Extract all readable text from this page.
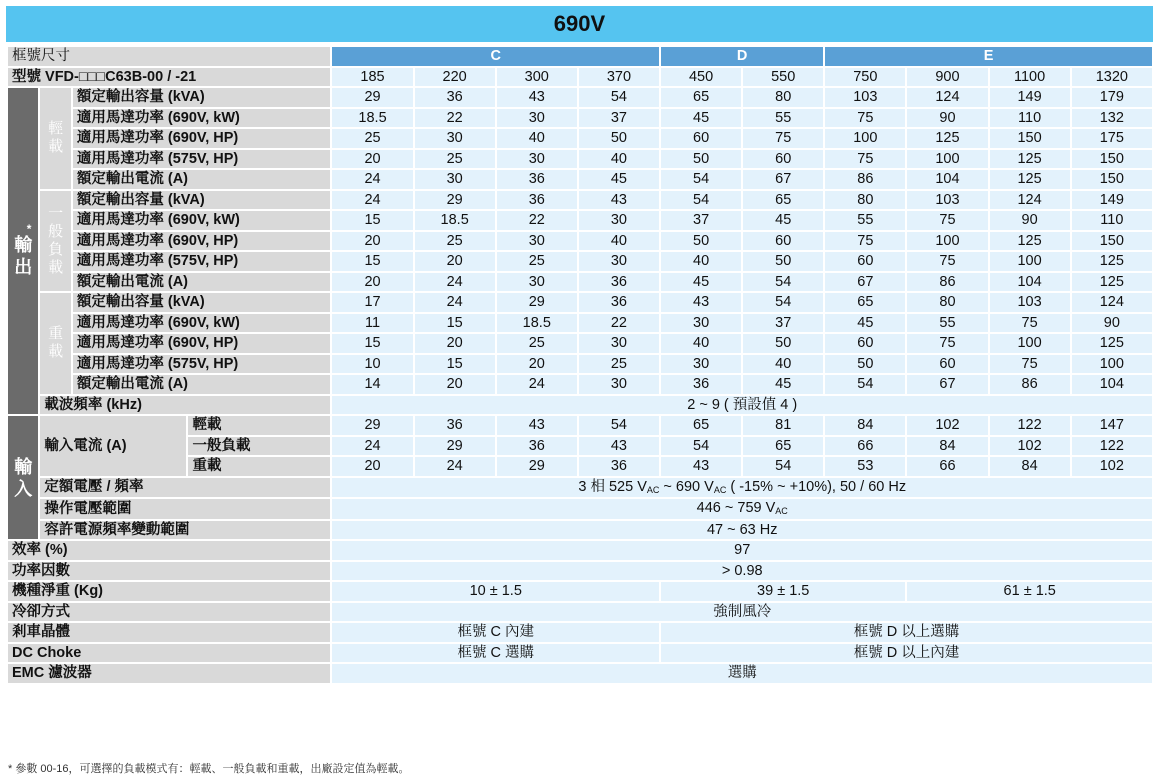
690V
框號尺寸				C				D		E			
型號 VFD-□□□C63B-00 / -21				185	220	300	370	450	550	750	900	1100	1320

*
輸出	輕載	額定輸出容量 (kVA)		29	36	43	54	65	80	103	124	149	179
		適用馬達功率 (690V, kW)		18.5	22	30	37	45	55	75	90	110	132
		適用馬達功率 (690V, HP)		25	30	40	50	60	75	100	125	150	175
		適用馬達功率 (575V, HP)		20	25	30	40	50	60	75	100	125	150
		額定輸出電流 (A)		24	30	36	45	54	67	86	104	125	150

	一般負載	額定輸出容量 (kVA)		24	29	36	43	54	65	80	103	124	149
		適用馬達功率 (690V, kW)		15	18.5	22	30	37	45	55	75	90	110
		適用馬達功率 (690V, HP)		20	25	30	40	50	60	75	100	125	150
		適用馬達功率 (575V, HP)		15	20	25	30	40	50	60	75	100	125
		額定輸出電流 (A)		20	24	30	36	45	54	67	86	104	125

	重載	額定輸出容量 (kVA)		17	24	29	36	43	54	65	80	103	124
		適用馬達功率 (690V, kW)		11	15	18.5	22	30	37	45	55	75	90
		適用馬達功率 (690V, HP)		15	20	25	30	40	50	60	75	100	125
		適用馬達功率 (575V, HP)		10	15	20	25	30	40	50	60	75	100
		額定輸出電流 (A)		14	20	24	30	36	45	54	67	86	104
	載波頻率 (kHz)			2 ~ 9 ( 預設值 4 )									

輸入	輸入電流 (A)		輕載	29	36	43	54	65	81	84	102	122	147
			一般負載	24	29	36	43	54	65	66	84	102	122
			重載	20	24	29	36	43	54	53	66	84	102
	定額電壓 / 頻率			3 相 525 $V_{AC}$ ~ 690 $V_{AC}$ ( -15% ~ +10%), 50 / 60 Hz									
	操作電壓範圍			446 ~ 759 $V_{AC}$
	容許電源頻率變動範圍			47 ~ 63 Hz									
效率 (%)				97									
功率因數				> 0.98									
機種淨重 (Kg)				10 ± 1.5				39 ± 1.5			61 ± 1.5		
冷卻方式				強制風冷									
剎車晶體				框號 C 內建				框號 D 以上選購					
DC Choke				框號 C 選購				框號 D 以上內建					
EMC 濾波器				選購									
* 參數 00-16，可選擇的負載模式有：輕載、一般負載和重載，出廠設定值為輕載。
